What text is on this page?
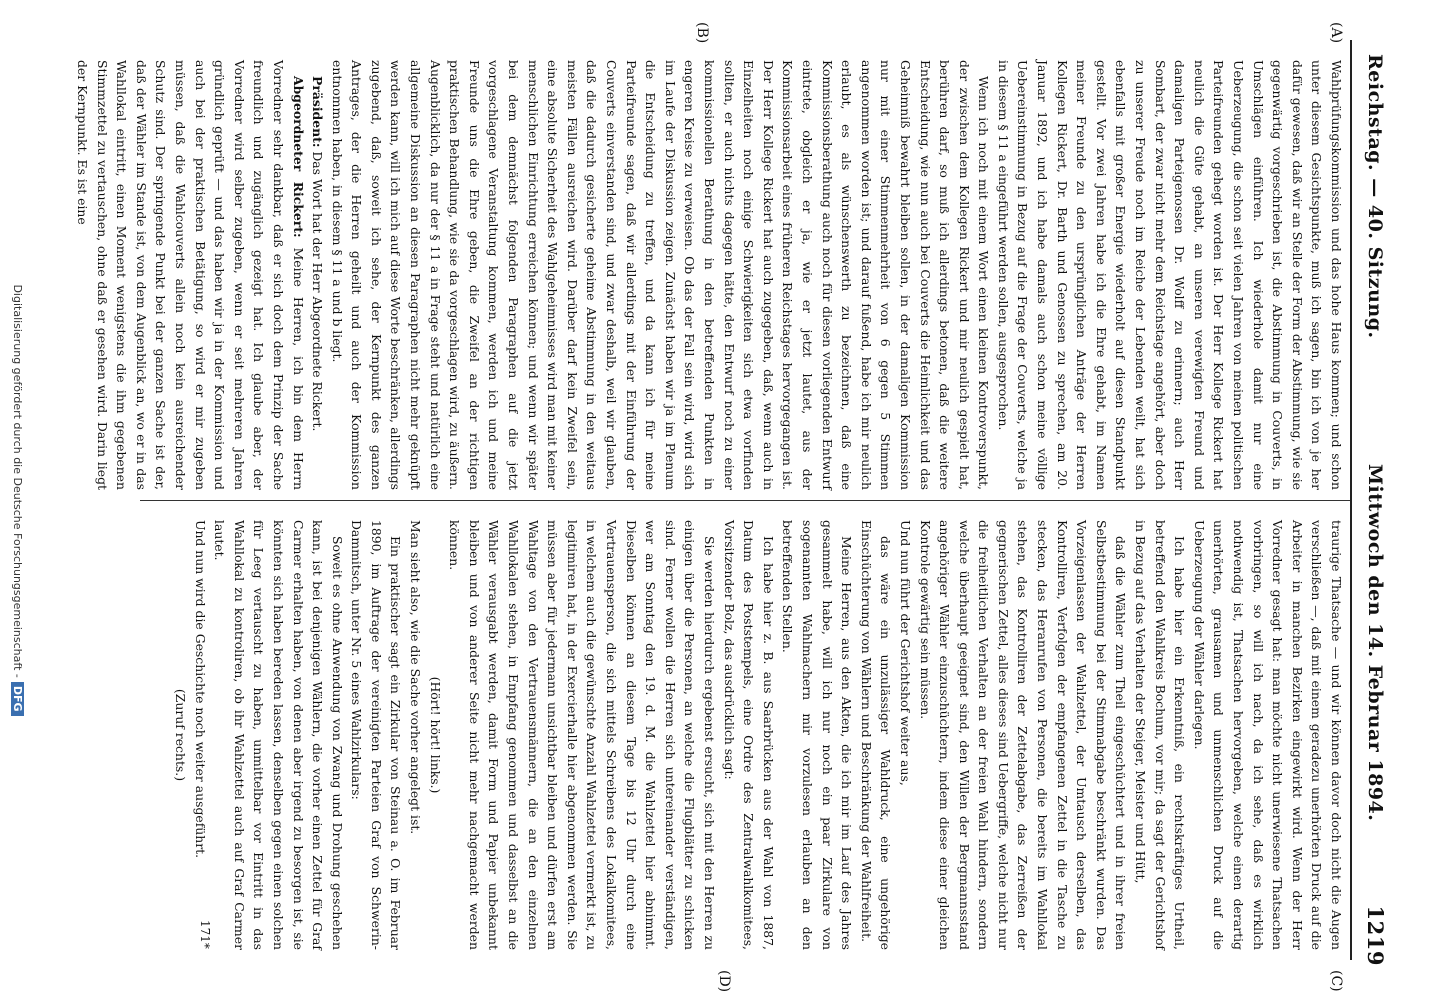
Reichstag. — 40. Sitzung.
Mittwoch den 14. Februar 1894.
1219
(A)
(B)
(C)
(D)

Wahlprüfungskommission und das hohe Haus kommen; und schon unter diesem Gesichtspunkte, muß ich sagen, bin ich von je her dafür gewesen, daß wir an Stelle der Form der Abstimmung, wie sie gegenwärtig vorgeschrieben ist, die Abstimmung in Couverts, in Umschlägen einführen. Ich wiederhole damit nur eine Ueberzeugung, die schon seit vielen Jahren von meinen politischen Parteifreunden gehegt worden ist. Der Herr Kollege Rickert hat neulich die Güte gehabt, an unseren verewigten Freund und damaligen Parteigenossen Dr. Wolff zu erinnern; auch Herr Sombart, der zwar nicht mehr dem Reichstage angehört, aber doch zu unserer Freude noch im Reiche der Lebenden weilt, hat sich ebenfalls mit großer Energie wiederholt auf diesen Standpunkt gestellt. Vor zwei Jahren habe ich die Ehre gehabt, im Namen meiner Freunde zu den ursprünglichen Anträge der Herren Kollegen Rickert, Dr. Barth und Genossen zu sprechen, am 20. Januar 1892, und ich habe damals auch schon meine völlige Uebereinstimmung in Bezug auf die Frage der Couverts, welche ja in diesem § 11 a eingeführt werden sollen, ausgesprochen.

Wenn ich noch mit einem Wort einen kleinen Kontroverspunkt, der zwischen dem Kollegen Rickert und mir neulich gespielt hat, berühren darf, so muß ich allerdings betonen, daß die weitere Entscheidung, wie nun auch bei Couverts die Heimlichkeit und das Geheimniß bewahrt bleiben sollen, in der damaligen Kommission nur mit einer Stimmenmehrheit von 6 gegen 5 Stimmen angenommen worden ist; und darauf fußend, habe ich mir neulich erlaubt, es als wünschenswerth zu bezeichnen, daß eine Kommissionsberathung auch noch für diesen vorliegenden Entwurf eintrete, obgleich er ja, wie er jetzt lautet, aus der Kommissionsarbeit eines früheren Reichstages hervorgegangen ist. Der Herr Kollege Rickert hat auch zugegeben, daß, wenn auch in Einzelheiten noch einige Schwierigkeiten sich etwa vorfinden sollten, er auch nichts dagegen hätte, den Entwurf noch zu einer kommissionellen Berathung in den betreffenden Punkten in engeren Kreise zu verweisen. Ob das der Fall sein wird, wird sich im Laufe der Diskussion zeigen. Zunächst haben wir ja im Plenum die Entscheidung zu treffen, und da kann ich für meine Parteifreunde sagen, daß wir allerdings mit der Einführung der Couverts einverstanden sind, und zwar deshalb, weil wir glauben, daß die dadurch gesicherte geheime Abstimmung in den weitaus meisten Fällen ausreichen wird. Darüber darf kein Zweifel sein, eine absolute Sicherheit des Wahlgeheimnisses wird man mit keiner menschlichen Einrichtung erreichen können; und wenn wir später bei dem demnächst folgenden Paragraphen auf die jetzt vorgeschlagene Veranstaltung kommen, werden ich und meine Freunde uns die Ehre geben, die Zweifel an der richtigen praktischen Behandlung, wie sie da vorgeschlagen wird, zu äußern. Augenblicklich, da nur der § 11 a in Frage steht und natürlich eine allgemeine Diskussion an diesen Paragraphen nicht mehr geknüpft werden kann, will ich mich auf diese Worte beschränken, allerdings zugebend, daß, soweit ich sehe, der Kernpunkt des ganzen Antrages, der die Herren geheilt und auch der Kommission entnommen haben, in diesem § 11 a und b liegt.

Präsident: Das Wort hat der Herr Abgeordnete Rickert.

Abgeordneter Rickert: Meine Herren, ich bin dem Herrn Vorredner sehr dankbar, daß er sich doch dem Prinzip der Sache freundlich und zugänglich gezeigt hat. Ich glaube aber, der Vorredner wird selber zugeben, wenn er seit mehreren Jahren gründlich geprüft — und das haben wir ja in der Kommission und auch bei der praktischen Betätigung, so wird er mir zugeben müssen, daß die Wahlcouverts allein noch kein ausreichender Schutz sind. Der springende Punkt bei der ganzen Sache ist der, daß der Wähler im Stande ist, von dem Augenblick an, wo er in das Wahllokal eintritt, einen Moment wenigstens die ihm gegebenen Stimmzettel zu vertauschen, ohne daß er gesehen wird. Darin liegt der Kernpunkt. Es ist eine

traurige Thatsache — und wir können davor doch nicht die Augen verschließen —, daß mit einem geradezu unerhörten Druck auf die Arbeiter in manchen Bezirken eingewirkt wird. Wenn der Herr Vorredner gesagt hat: man möchte nicht unerwiesene Thatsachen vorbringen, so will ich nach, da ich sehe, daß es wirklich nothwendig ist, Thatsachen hervorgeben, welche einen derartig unerhörten, grausamen und unmenschlichen Druck auf die Ueberzeugung der Wähler darlegen.

Ich habe hier ein Erkenntniß, ein rechtskräftiges Urtheil, betreffend den Wahlkreis Bochum, vor mir; da sagt der Gerichtshof in Bezug auf das Verhalten der Steiger, Meister und Hütt,

daß die Wähler zum Theil eingeschüchtert und in ihrer freien Selbstbestimmung bei der Stimmabgabe beschränkt wurden. Das Vorzeigenlassen der Wahlzettel, der Umtausch derselben, das Kontrolliren, Verfolgen der empfangenen Zettel in die Tasche zu stecken, das Heranrufen von Personen, die bereits im Wahllokal stehen, das Kontrolliren der Zettelabgabe, das Zerreißen der gegnerischen Zettel, alles dieses sind Uebergriffe, welche nicht nur die freiheitlichen Verhalten an der freien Wahl hindern, sondern welche überhaupt geeignet sind, den Willen der Bergmannsstand angehöriger Wähler einzuschüchtern, indem diese einer gleichen Kontrole gewärtig sein müssen.

Und nun führt der Gerichtshof weiter aus,

das wäre ein unzulässiger Wahldruck, eine ungehörige Einschüchterung von Wählern und Beschränkung der Wahlfreiheit.

Meine Herren, aus den Akten, die ich mir im Lauf des Jahres gesammelt habe, will ich nur noch ein paar Zirkulare von sogenannten Wahlmachern mir vorzulesen erlauben an den betreffenden Stellen.

Ich habe hier z. B. aus Saarbrücken aus der Wahl von 1887, Datum des Poststempels, eine Ordre des Zentralwahlkomitees, Vorsitzender Bolz, das ausdrücklich sagt:

Sie werden hierdurch ergebenst ersucht, sich mit den Herren zu einigen über die Personen, an welche die Flugblätter zu schicken sind. Ferner wollen die Herren sich untereinander verständigen, wer am Sonntag den 19. d. M. die Wahlzettel hier abnimmt. Dieselben können an diesem Tage bis 12 Uhr durch eine Vertrauensperson, die sich mittels Schreibens des Lokalkomitees, in welchem auch die gewünschte Anzahl Wahlzettel vermerkt ist, zu legitimiren hat, in der Exercierhalle hier abgenommen werden. Sie müssen aber für jedermann unsichtbar bleiben und dürfen erst am Wahltage von den Vertrauensmännern, die an den einzelnen Wahllokalen stehen, in Empfang genommen und dasselbst an die Wähler verausgabt werden, damit Form und Papier unbekannt bleiben und von anderer Seite nicht mehr nachgemacht werden können.

(Hört! hört! links.)

Man sieht also, wie die Sache vorher angelegt ist.

Ein praktischer sagt ein Zirkular von Steinau a. O. im Februar 1890, im Auftrage der vereinigten Parteien Graf von Schwerin-Dammitsch, unter Nr. 5 eines Wahlzirkulars:

Soweit es ohne Anwendung von Zwang und Drohung geschehen kann, ist bei denjenigen Wählern, die vorher einen Zettel für Graf Carmer erhalten haben, von denen aber irgend zu besorgen ist, sie könnten sich haben bereden lassen, denselben gegen einen solchen für Leeg vertauscht zu haben, unmittelbar vor Eintritt in das Wahllokal zu kontroliren, ob ihr Wahlzettel auch auf Graf Carmer lautet.

Und nun wird die Geschichte noch weiter ausgeführt.

(Zuruf rechts.)

171*
Digitalisierung gefördert durch die Deutsche Forschungsgemeinschaft -DFG
